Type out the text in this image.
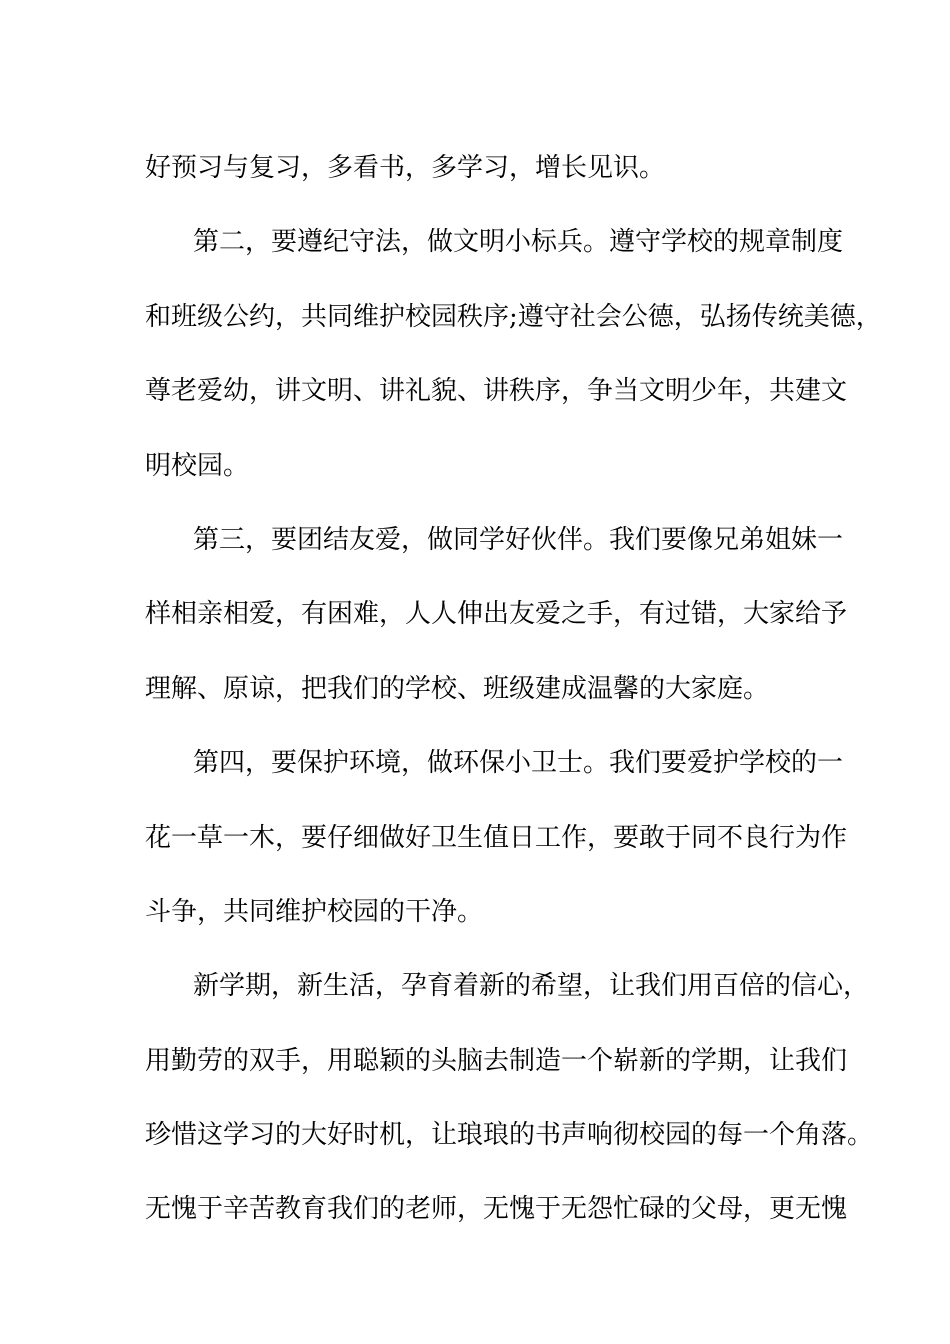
好预习与复习，多看书，多学习，增长见识。
第二，要遵纪守法，做文明小标兵。遵守学校的规章制度
和班级公约，共同维护校园秩序;遵守社会公德，弘扬传统美德，
尊老爱幼，讲文明、讲礼貌、讲秩序，争当文明少年，共建文
明校园。
第三，要团结友爱，做同学好伙伴。我们要像兄弟姐妹一
样相亲相爱，有困难，人人伸出友爱之手，有过错，大家给予
理解、原谅，把我们的学校、班级建成温馨的大家庭。
第四，要保护环境，做环保小卫士。我们要爱护学校的一
花一草一木，要仔细做好卫生值日工作，要敢于同不良行为作
斗争，共同维护校园的干净。
新学期，新生活，孕育着新的希望，让我们用百倍的信心，
用勤劳的双手，用聪颖的头脑去制造一个崭新的学期，让我们
珍惜这学习的大好时机，让琅琅的书声响彻校园的每一个角落。
无愧于辛苦教育我们的老师，无愧于无怨忙碌的父母，更无愧
